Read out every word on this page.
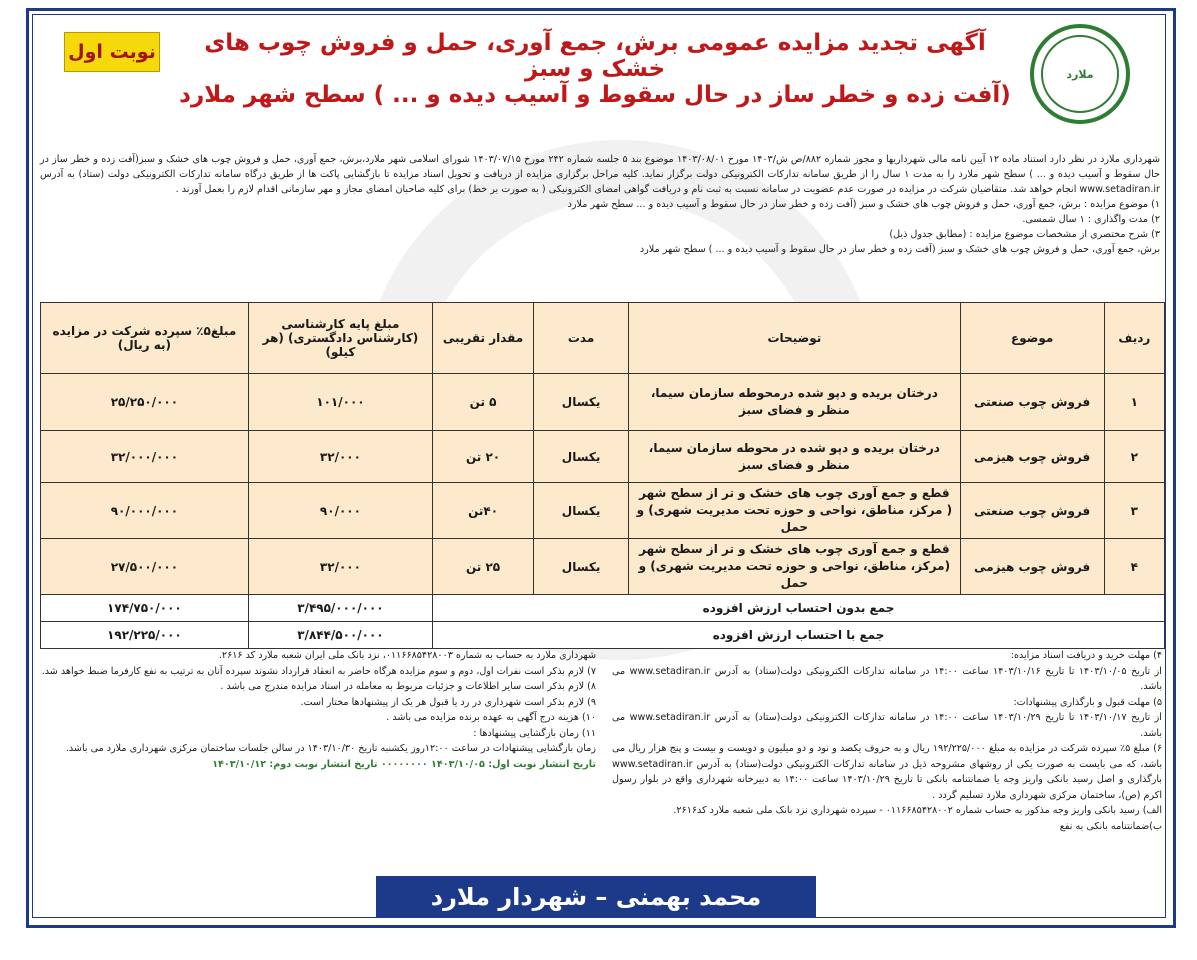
ملارد
نوبت اول	آگهی تجدید مزایده عمومی برش، جمع آوری، حمل و فروش چوب های خشک و سبز
(آفت زده و خطر ساز در حال سقوط و آسیب دیده و ... ) سطح شهر ملارد

شهرداری ملارد در نظر دارد استناد ماده ۱۲ آیین نامه مالی شهرداریها و مجوز شماره ۸۸۲/ص ش/۱۴۰۳ مورخ ۱۴۰۳/۰۸/۰۱ موضوع بند ۵ جلسه شماره ۲۴۲ مورخ ۱۴۰۳/۰۷/۱۵ شورای اسلامی شهر ملارد،برش، جمع آوری، حمل و فروش چوب های خشک و سبز(آفت زده و خطر ساز در حال سقوط و آسیب دیده و ... ) سطح شهر ملارد را به مدت ۱ سال را از طریق سامانه تدارکات الکترونیکی دولت برگزار نماید. کلیه مراحل برگزاری مزایده از دریافت و تحویل اسناد مزایده تا بازگشایی پاکت ها از طریق درگاه سامانه تدارکات الکترونیکی دولت (ستاد) به آدرس www.setadiran.ir انجام خواهد شد. متقاضیان شرکت در مزایده در صورت عدم عضویت در سامانه نسبت به ثبت نام و دریافت گواهی امضای الکترونیکی ( به صورت بر خط) برای کلیه صاحبان امضای مجاز و مهر سازمانی اقدام لازم را بعمل آورند .

۱) موضوع مزایده : برش، جمع آوری، حمل و فروش چوب های خشک و سبز (آفت زده و خطر ساز در حال سقوط و آسیب دیده و ... سطح شهر ملارد

۲) مدت واگذاری : ۱ سال شمسی.

۳) شرح مختصری از مشخصات موضوع مزایده : (مطابق جدول ذیل)

برش، جمع آوری، حمل و فروش چوب های خشک و سبز (آفت زده و خطر ساز در حال سقوط و آسیب دیده و ... ) سطح شهر ملارد

ردیف	موضوع	توضیحات	مدت	مقدار تقریبی	مبلغ پایه کارشناسی (کارشناس دادگستری) (هر کیلو)	مبلغ۵٪ سپرده شرکت در مزایده (به ریال)
۱	فروش چوب صنعتی	درختان بریده و دپو شده درمحوطه سازمان سیما، منظر و فضای سبز	یکسال	۵ تن	۱۰۱/۰۰۰	۲۵/۲۵۰/۰۰۰
۲	فروش چوب هیزمی	درختان بریده و دپو شده در محوطه سازمان سیما، منظر و فضای سبز	یکسال	۲۰ تن	۳۲/۰۰۰	۳۲/۰۰۰/۰۰۰
۳	فروش چوب صنعتی	قطع و جمع آوری چوب های خشک و تر از سطح شهر ( مرکز، مناطق، نواحی و حوزه تحت مدیریت شهری) و حمل	یکسال	۴۰تن	۹۰/۰۰۰	۹۰/۰۰۰/۰۰۰
۴	فروش چوب هیزمی	قطع و جمع آوری چوب های خشک و تر از سطح شهر (مرکز، مناطق، نواحی و حوزه تحت مدیریت شهری) و حمل	یکسال	۲۵ تن	۳۲/۰۰۰	۲۷/۵۰۰/۰۰۰
جمع بدون احتساب ارزش افزوده					۳/۴۹۵/۰۰۰/۰۰۰	۱۷۴/۷۵۰/۰۰۰
جمع با احتساب ارزش افزوده					۳/۸۴۴/۵۰۰/۰۰۰	۱۹۲/۲۲۵/۰۰۰

۴) مهلت خرید و دریافت اسناد مزایده:

از تاریخ ۱۴۰۳/۱۰/۰۵ تا تاریخ ۱۴۰۳/۱۰/۱۶ ساعت ۱۴:۰۰ در سامانه تدارکات الکترونیکی دولت(ستاد) به آدرس www.setadiran.ir می باشد.

۵) مهلت قبول و بارگذاری پیشنهادات:

از تاریخ ۱۴۰۳/۱۰/۱۷ تا تاریخ ۱۴۰۳/۱۰/۲۹ ساعت ۱۴:۰۰ در سامانه تدارکات الکترونیکی دولت(ستاد) به آدرس www.setadiran.ir می باشد.

۶) مبلغ ۵٪ سپرده شرکت در مزایده به مبلغ ۱۹۲/۲۲۵/۰۰۰ ریال و به حروف یکصد و نود و دو میلیون و دویست و بیست و پنج هزار ریال می باشد، که می بایست به صورت یکی از روشهای مشروحه ذیل در سامانه تدارکات الکترونیکی دولت(ستاد) به آدرس www.setadiran.ir بارگذاری و اصل رسید بانکی واریز وجه یا ضمانتنامه بانکی تا تاریخ ۱۴۰۳/۱۰/۲۹ ساعت ۱۴:۰۰ به دبیرخانه شهرداری واقع در بلوار رسول اکرم (ص)، ساختمان مرکزی شهرداری ملارد تسلیم گردد .

الف) رسید بانکی واریز وجه مذکور به حساب شماره ۰۱۱۶۶۸۵۴۲۸۰۰۲ - سپرده شهرداری نزد بانک ملی شعبه ملارد کد۲۶۱۶.

ب)ضمانتنامه بانکی به نفع

شهرداری ملارد به حساب به شماره ۰۱۱۶۶۸۵۴۲۸۰۰۳، نزد بانک ملی ایران شعبه ملارد کد ۲۶۱۶.

۷) لازم بذکر است نفرات اول، دوم و سوم مزایده هرگاه حاضر به انعقاد قرارداد نشوند سپرده آنان به ترتیب به نفع کارفرما ضبط خواهد شد.

۸) لازم بذکر است سایر اطلاعات و جزئیات مربوط به معامله در اسناد مزایده مندرج می باشد .

۹) لازم بذکر است شهرداری در رد یا قبول هر یک از پیشنهادها مختار است.

۱۰) هزینه درج آگهی به عهده برنده مزایده می باشد .

۱۱) زمان بازگشایی پیشنهادها :

زمان بازگشایی پیشنهادات در ساعت ۱۲:۰۰روز یکشنبه تاریخ ۱۴۰۳/۱۰/۳۰ در سالن جلسات ساختمان مرکزی شهرداری ملارد می باشد.

تاریخ انتشار نوبت اول: ۱۴۰۳/۱۰/۰۵ ۰۰۰۰۰۰۰۰ تاریخ انتشار نوبت دوم: ۱۴۰۳/۱۰/۱۲

محمد بهمنی – شهردار ملارد
